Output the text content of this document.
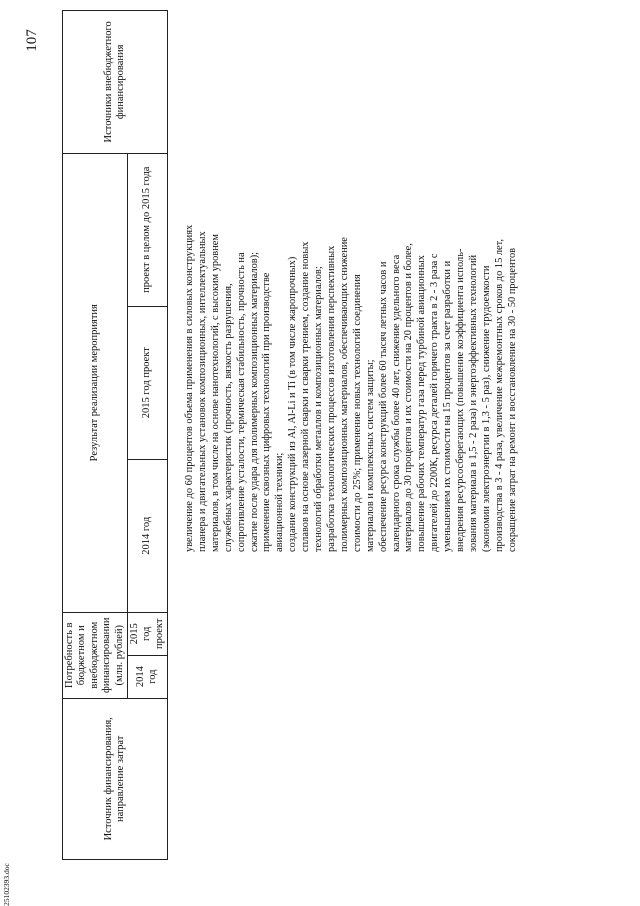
107
Источник финансирования, направление затрат	Потребность в бюджетном и внебюджетном финансировании (млн. рублей)		Результат реализации мероприятия			Источники внебюджетного финансирования
	2014 год	2015 год проект	2014 год	2015 год проект	проект в целом до 2015 года		увеличение до 60 процентов объема применения в силовых конструкциях планера и двигательных установок композиционных, интеллектуальных материалов, в том числе на основе нанотехнологий, с высоким уровнем служебных характеристик (прочность, вязкость разрушения, сопротивление усталости, термическая стабильность, прочность на сжатие после удара для полимерных композиционных материалов); применение сквозных цифровых технологий при производстве авиационной техники; создание конструкций из Al, Al-Li и Ti (в том числе жаропрочных) сплавов на основе лазерной сварки и сварки трением, создание новых технологий обработки металлов и композиционных материалов; разработка технологических процессов изготовления перспективных полимерных композиционных материалов, обеспечивающих снижение стоимости до 25%; применение новых технологий соединения материалов и комплексных систем защиты; обеспечение ресурса конструкций более 60 тысяч летных часов и календарного срока службы более 40 лет, снижение удельного веса материалов до 30 процентов и их стоимости на 20 процентов и более, повышение рабочих температур газа перед турбиной авиационных двигателей до 2200К, ресурса деталей горячего тракта в 2 - 3 раза с уменьшением их стоимости на 15 процентов за счет разработки и внедрения ресурсосберегающих (повышение коэффициента исполь- зования материала в 1,5 - 2 раза) и энергоэффективных технологий (экономии электроэнергии в 1,3 - 5 раз), снижение трудоемкости производства в 3 - 4 раза, увеличение межремонтных сроков до 15 лет, сокращение затрат на ремонт и восстановление на 30 - 50 процентов
25102393.doc
